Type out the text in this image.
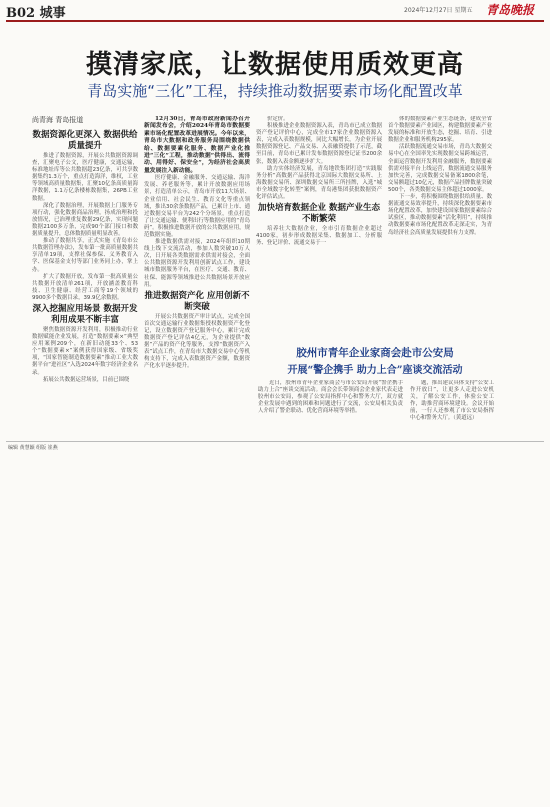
B02 城事	2024年12月27日 星期五 青岛晚报
摸清家底，让数据使用质效更高
青岛实施“三化”工程，持续推动数据要素市场化配置改革
尚青海 青岛报道
数据资源化更深入 数据供给质量提升

推进了数据资源，开展公共数据资源调查，汇聚电子公文，医疗健康，交通运输，标准地址库等公共数据超23亿条，可共享数据集约1.3万个，重点打造海洋，维权，工业等领域高质量数据集，汇聚10亿条高质量海洋数据，1.1万亿条楼栋数据集，26PB工业数据。

深化了数据治理，开展数据上门服务专项行动，强化数据商品治理，扬成治理和投放情况，已治理重复数据29亿条，实现问题数据2100多万条，完成90个部门接口和数据质量提升，总体数据质量明显改善。

推动了数据共享，正式实施《青岛市公共数据管理办法》，发布第一批高质量数据共享清单19项，支撑社保参保、义务教育入学、医保基金支付等部门业务同上办，掌上办。

扩大了数据开放，发布第一批高质量公共数据开放清单261项，开放涵盖教育科技、卫生健康、经营工商等19个领域的9900多个数据目录，39.9亿余数据。

深入挖掘应用场景 数据开发利用成果不断丰富

聚焦数据资源开发利用，积极推动行业数据赋能企业发展，打造“数据要素×”典型应用案例209个，在新旧动能33个、53个“数据要素×”案例获得国家级、省级奖项，“国家智能制造数据要素”推动工业大数据平台“进社区”入选2024年数字经济企业名录。

拓展公共数据运营场景，目前已围绕

12月30日，青岛市政府新闻办召开新闻发布会，介绍2024年青岛市数据要素市场化配置改革进展情况。今年以来，青岛市大数据和政务服务局围绕数据供给、数据要素化服务、数据产业化推进“三化”工程，推动数据“供得出、流得动、用得好、保安全”，为经济社会高质量发展注入新动能。

医疗健康、金融服务、交通运输、海洋发展、养老服务等，累计开放数据应用场景，打造清单公示，青岛市开放11大场景、企业信用、社会民生、教育文化等重点领域，推出30余条数据产品，已累计上市、通过数据交易平台为242个分场景，重点打造了让交通运输、便利出行等数据应用的“青岛码”。积极推进数据开放的公共数据应用，规范数据实施。

推进数据供需对接，2024年组织10期线上线下交流活动，参加人数突破10万人次，日开展各类数据需求供需对接会，全面公共数据资源开发利用创新试点工作，建设城市数据服务平台，在医疗、交通、教育、社保、能源等领域推进公共数据场景开放应用。

推进数据资产化 应用创新不断突破

开展公共数据资产审计试点，完成全国首次交通运输行业数据集授权数据资产化登记，设立数据资产登记服务中心，累计完成数据资产登记评估4亿元，为企业提供“数据”产品的资产化等服务，支撑“数据资产入表”试点工作，在青岛市大数据交易中心等机构支持下，完成入表数据资产金额，数据资产化水平逐步提升。

价定价。

积极推进企业数据资源入表，青岛市已成立数据资产登记评价中心，完成全市17家企业数据资源入表，完成入表数据规模，同比大幅增长，为企业开展数据资源登记、产品交易、入表融资提供了示范，截至目前，青岛市已累计发布数据资源登记证书200余张，数据入表金额逐步扩大。

助力实体经济发展，青岛地铁集团打造“实践服务分析”高数据产品获得北京国际大数据交易所、上海数据交易所、深圳数据交易所三所挂牌，入选“城市全域数字化转型”案例，青岛港集团获批数据资产化评估试点。

加快培育数据企业 数据产业生态不断繁荣

培养壮大数据企业，全市引育数据企业超过4100家，初步形成数据采集、数据加工、分析服务、登记评价、流通交易于一

体的数据要素产业生态链条，建成全省首个数据要素产业园区，构建数据要素产业发展的标准和开放生态，挖掘、培育、引进数据企业和服务机构295家。

活跃数据流通交易市场，青岛大数据交易中心在全国率先实现数据交易跨城运营，全面运营数据开发利用金融服务，数据要素供需对接平台上线运营，数据流通交易服务加快完善，完成数据交易备案1800余笔，交易额超过10亿元，数据产品挂牌数量突破500个，各类数据交易主体超过1000家。

下一步，将积极围绕数据供给质量、数据流通交易效率提升，持续深化数据要素市场化配置改革，加快建设国家数据要素综合试验区，推动数据要素“活化利用”，持续推动数据要素市场化配置改革走深走实，为青岛经济社会高质量发展提供有力支撑。

胶州市青年企业家商会赴市公安局
开展“警企携手 助力上合”座谈交流活动

近日，胶州市青年企业家商会与市公安局开展“警企携手 助力上合”座谈交流活动。商会会长带领商会企业家代表走进胶州市公安局，参观了公安局指挥中心和警务大厅，双方就企业发展中遇到的困难和问题进行了交流，公安局相关负责人介绍了警企联动、优化营商环境等举措。

题，推出建议具体支持“公安工作开放日”，让更多人走进公安机关，了解公安工作，体验公安工作，助推营商环境建设。会议开始前，一行人还参观了市公安局指挥中心和警务大厅。（黄道远）

编辑 黄慧颖 组版 崔燕
